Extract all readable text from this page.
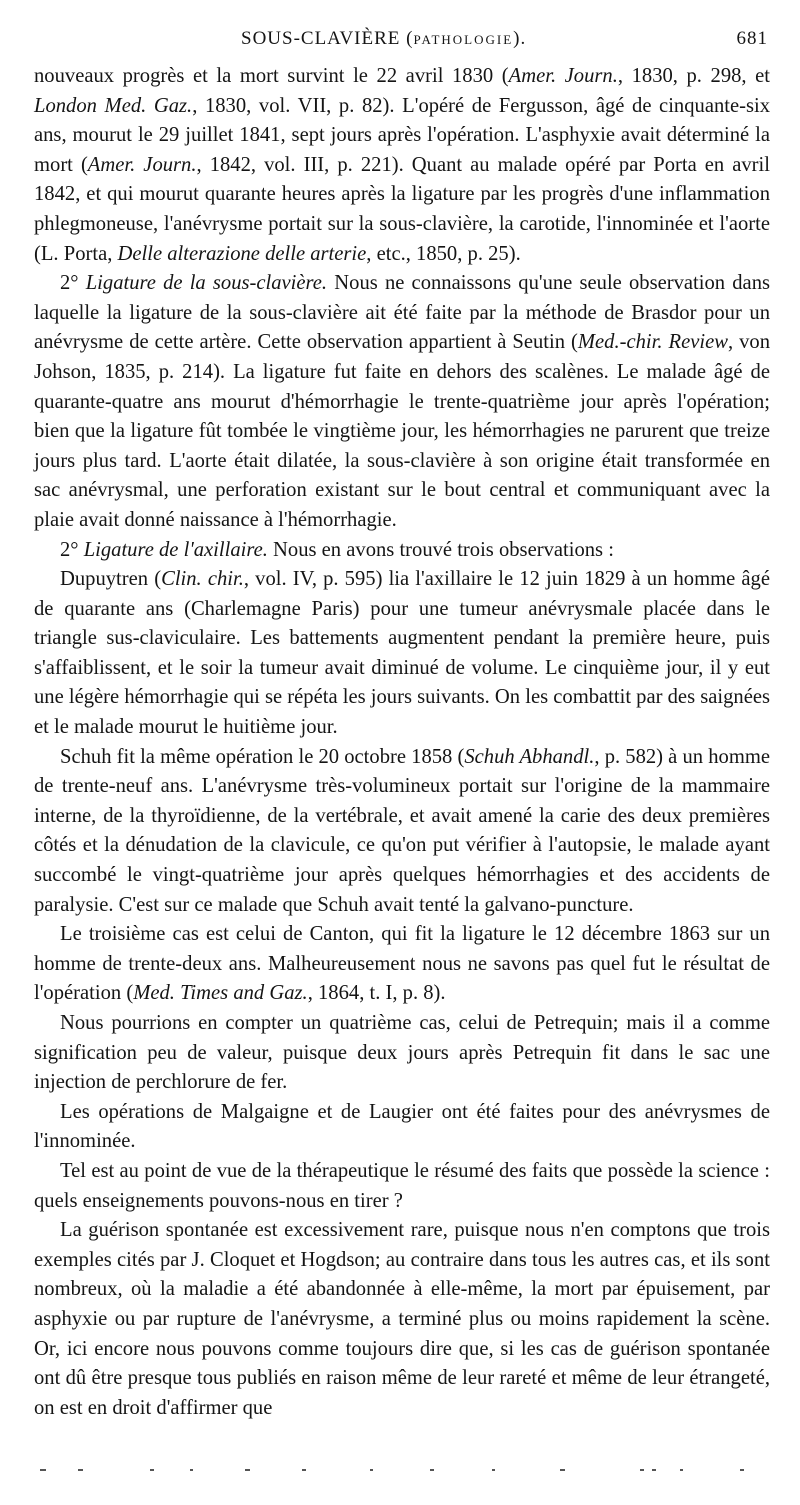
SOUS-CLAVIÈRE (PATHOLOGIE).	681

nouveaux progrès et la mort survint le 22 avril 1830 (Amer. Journ., 1830, p. 298, et London Med. Gaz., 1830, vol. VII, p. 82). L'opéré de Fergusson, âgé de cinquante-six ans, mourut le 29 juillet 1841, sept jours après l'opération. L'asphyxie avait déterminé la mort (Amer. Journ., 1842, vol. III, p. 221). Quant au malade opéré par Porta en avril 1842, et qui mourut quarante heures après la ligature par les progrès d'une inflammation phlegmoneuse, l'anévrysme portait sur la sous-clavière, la carotide, l'innominée et l'aorte (L. Porta, Delle alterazione delle arterie, etc., 1850, p. 25).

2° Ligature de la sous-clavière. Nous ne connaissons qu'une seule observation dans laquelle la ligature de la sous-clavière ait été faite par la méthode de Brasdor pour un anévrysme de cette artère. Cette observation appartient à Seutin (Med.-chir. Review, von Johson, 1835, p. 214). La ligature fut faite en dehors des scalènes. Le malade âgé de quarante-quatre ans mourut d'hémorrhagie le trente-quatrième jour après l'opération; bien que la ligature fût tombée le vingtième jour, les hémorrhagies ne parurent que treize jours plus tard. L'aorte était dilatée, la sous-clavière à son origine était transformée en sac anévrysmal, une perforation existant sur le bout central et communiquant avec la plaie avait donné naissance à l'hémorrhagie.

2° Ligature de l'axillaire. Nous en avons trouvé trois observations :

Dupuytren (Clin. chir., vol. IV, p. 595) lia l'axillaire le 12 juin 1829 à un homme âgé de quarante ans (Charlemagne Paris) pour une tumeur anévrysmale placée dans le triangle sus-claviculaire. Les battements augmentent pendant la première heure, puis s'affaiblissent, et le soir la tumeur avait diminué de volume. Le cinquième jour, il y eut une légère hémorrhagie qui se répéta les jours suivants. On les combattit par des saignées et le malade mourut le huitième jour.

Schuh fit la même opération le 20 octobre 1858 (Schuh Abhandl., p. 582) à un homme de trente-neuf ans. L'anévrysme très-volumineux portait sur l'origine de la mammaire interne, de la thyroïdienne, de la vertébrale, et avait amené la carie des deux premières côtés et la dénudation de la clavicule, ce qu'on put vérifier à l'autopsie, le malade ayant succombé le vingt-quatrième jour après quelques hémorrhagies et des accidents de paralysie. C'est sur ce malade que Schuh avait tenté la galvano-puncture.

Le troisième cas est celui de Canton, qui fit la ligature le 12 décembre 1863 sur un homme de trente-deux ans. Malheureusement nous ne savons pas quel fut le résultat de l'opération (Med. Times and Gaz., 1864, t. I, p. 8).

Nous pourrions en compter un quatrième cas, celui de Petrequin; mais il a comme signification peu de valeur, puisque deux jours après Petrequin fit dans le sac une injection de perchlorure de fer.

Les opérations de Malgaigne et de Laugier ont été faites pour des anévrysmes de l'innominée.

Tel est au point de vue de la thérapeutique le résumé des faits que possède la science : quels enseignements pouvons-nous en tirer ?

La guérison spontanée est excessivement rare, puisque nous n'en comptons que trois exemples cités par J. Cloquet et Hogdson; au contraire dans tous les autres cas, et ils sont nombreux, où la maladie a été abandonnée à elle-même, la mort par épuisement, par asphyxie ou par rupture de l'anévrysme, a terminé plus ou moins rapidement la scène. Or, ici encore nous pouvons comme toujours dire que, si les cas de guérison spontanée ont dû être presque tous publiés en raison même de leur rareté et même de leur étrangeté, on est en droit d'affirmer que
